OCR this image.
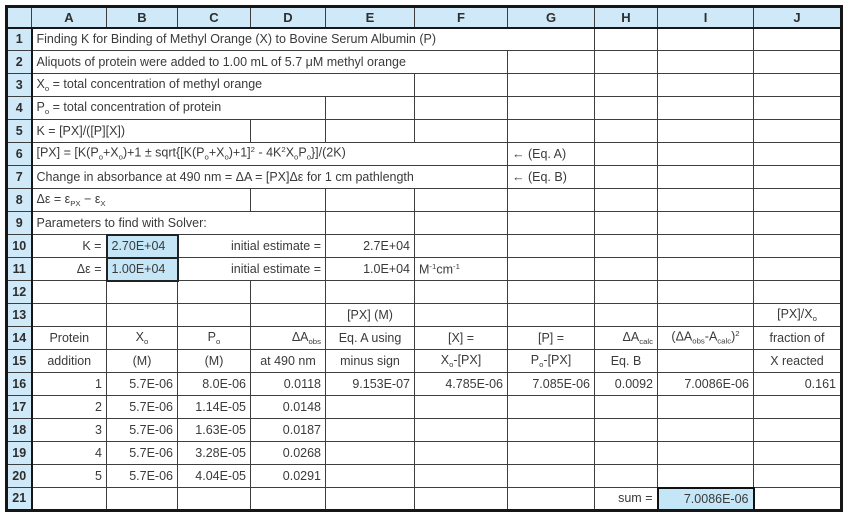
	A	B	C	D	E	F	G	H	I	J
1	Finding K for Binding of Methyl Orange (X) to Bovine Serum Albumin (P)									
2	Aliquots of protein were added to 1.00 mL of 5.7 μM methyl orange									
3	$X_o$ = total concentration of methyl orange									
4	$P_o$ = total concentration of protein									
5	K = [PX]/([P][X])									
6	$[PX] = [K(P_o+X_o)+1$ ± $sqrt\{[K(P_o+X_o)+1]^2 - 4K^2X_oP_o\}]/(2K)$						← (Eq. A)			
7	Change in absorbance at 490 nm = ΔA = [PX]Δε for 1 cm pathlength						← (Eq. B)			
8	$\Delta\varepsilon = \varepsilon_{PX} - \varepsilon_X$							
9	Parameters to find with Solver:									
10	K =	2.70E+04	initial estimate =		2.7E+04					
11	Δε =	1.00E+04	initial estimate =		1.0E+04	$M^{-1}cm^{-1}$				
12										
13					[PX] (M)					$[PX]/X_o$
14	Protein	$X_o$	$P_o$	$\Delta A_{obs}$	Eq. A using	[X] =	[P] =	$\Delta A_{calc}$	$(\Delta A_{obs}-A_{calc})^2$	fraction of
15	addition	(M)	(M)	at 490 nm	minus sign	$X_o-[PX]$	$P_o-[PX]$	Eq. B		X reacted
16	1	5.7E-06	8.0E-06	0.0118	9.153E-07	4.785E-06	7.085E-06	0.0092	7.0086E-06	0.161
17	2	5.7E-06	1.14E-05	0.0148						
18	3	5.7E-06	1.63E-05	0.0187						
19	4	5.7E-06	3.28E-05	0.0268						
20	5	5.7E-06	4.04E-05	0.0291						
21								sum =	7.0086E-06	
